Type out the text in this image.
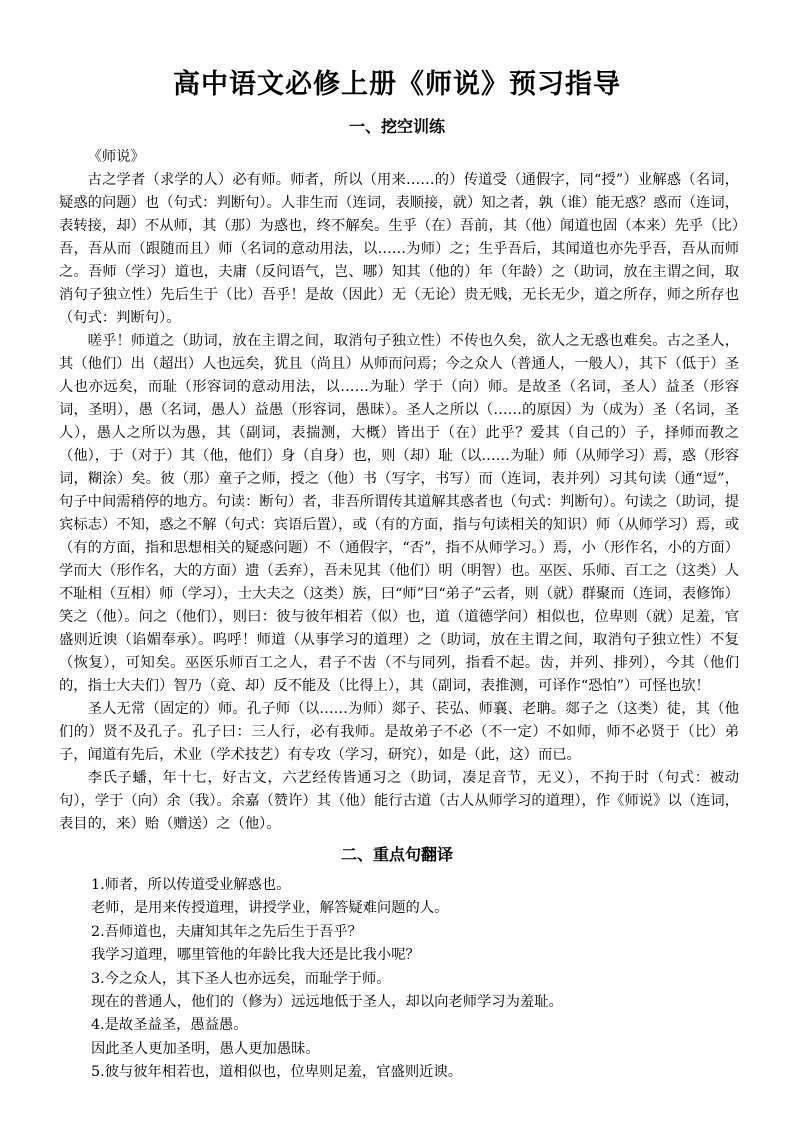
高中语文必修上册《师说》预习指导
一、挖空训练

《师说》

古之学者（求学的人）必有师。师者，所以（用来……的）传道受（通假字，同“授”）业解惑（名词，疑惑的问题）也（句式：判断句）。人非生而（连词，表顺接，就）知之者，孰（谁）能无惑？惑而（连词，表转接，却）不从师，其（那）为惑也，终不解矣。生乎（在）吾前，其（他）闻道也固（本来）先乎（比）吾，吾从而（跟随而且）师（名词的意动用法，以……为师）之；生乎吾后，其闻道也亦先乎吾，吾从而师之。吾师（学习）道也，夫庸（反问语气，岂、哪）知其（他的）年（年龄）之（助词，放在主谓之间，取消句子独立性）先后生于（比）吾乎！是故（因此）无（无论）贵无贱，无长无少，道之所存，师之所存也（句式：判断句）。

嗟乎！师道之（助词，放在主谓之间，取消句子独立性）不传也久矣，欲人之无惑也难矣。古之圣人，其（他们）出（超出）人也远矣，犹且（尚且）从师而问焉；今之众人（普通人，一般人），其下（低于）圣人也亦远矣，而耻（形容词的意动用法，以……为耻）学于（向）师。是故圣（名词，圣人）益圣（形容词，圣明），愚（名词，愚人）益愚（形容词，愚昧）。圣人之所以（……的原因）为（成为）圣（名词，圣人），愚人之所以为愚，其（副词，表揣测，大概）皆出于（在）此乎？爱其（自己的）子，择师而教之（他），于（对于）其（他，他们）身（自身）也，则（却）耻（以……为耻）师（从师学习）焉，惑（形容词，糊涂）矣。彼（那）童子之师，授之（他）书（写字，书写）而（连词，表并列）习其句读（通“逗”，句子中间需稍停的地方。句读：断句）者，非吾所谓传其道解其惑者也（句式：判断句）。句读之（助词，提宾标志）不知，惑之不解（句式：宾语后置），或（有的方面，指与句读相关的知识）师（从师学习）焉，或（有的方面，指和思想相关的疑惑问题）不（通假字，“否”，指不从师学习。）焉，小（形作名，小的方面）学而大（形作名，大的方面）遗（丢弃），吾未见其（他们）明（明智）也。巫医、乐师、百工之（这类）人不耻相（互相）师（学习），士大夫之（这类）族，曰“师”曰“弟子”云者，则（就）群聚而（连词，表修饰）笑之（他）。问之（他们），则曰：彼与彼年相若（似）也，道（道德学问）相似也，位卑则（就）足羞，官盛则近谀（谄媚奉承）。呜呼！师道（从事学习的道理）之（助词，放在主谓之间，取消句子独立性）不复（恢复），可知矣。巫医乐师百工之人，君子不齿（不与同列，指看不起。齿，并列、排列），今其（他们的，指士大夫们）智乃（竟、却）反不能及（比得上），其（副词，表推测，可译作“恐怕”）可怪也欤！

圣人无常（固定的）师。孔子师（以……为师）郯子、苌弘、师襄、老聃。郯子之（这类）徒，其（他们的）贤不及孔子。孔子曰：三人行，必有我师。是故弟子不必（不一定）不如师，师不必贤于（比）弟子，闻道有先后，术业（学术技艺）有专攻（学习，研究），如是（此，这）而已。

李氏子蟠，年十七，好古文，六艺经传皆通习之（助词，凑足音节，无义），不拘于时（句式：被动句），学于（向）余（我）。余嘉（赞许）其（他）能行古道（古人从师学习的道理），作《师说》以（连词，表目的，来）贻（赠送）之（他）。

二、重点句翻译

1.师者，所以传道受业解惑也。

老师，是用来传授道理，讲授学业，解答疑难问题的人。

2.吾师道也，夫庸知其年之先后生于吾乎？

我学习道理，哪里管他的年龄比我大还是比我小呢？

3.今之众人，其下圣人也亦远矣，而耻学于师。

现在的普通人，他们的（修为）远远地低于圣人，却以向老师学习为羞耻。

4.是故圣益圣，愚益愚。

因此圣人更加圣明，愚人更加愚昧。

5.彼与彼年相若也，道相似也，位卑则足羞，官盛则近谀。
